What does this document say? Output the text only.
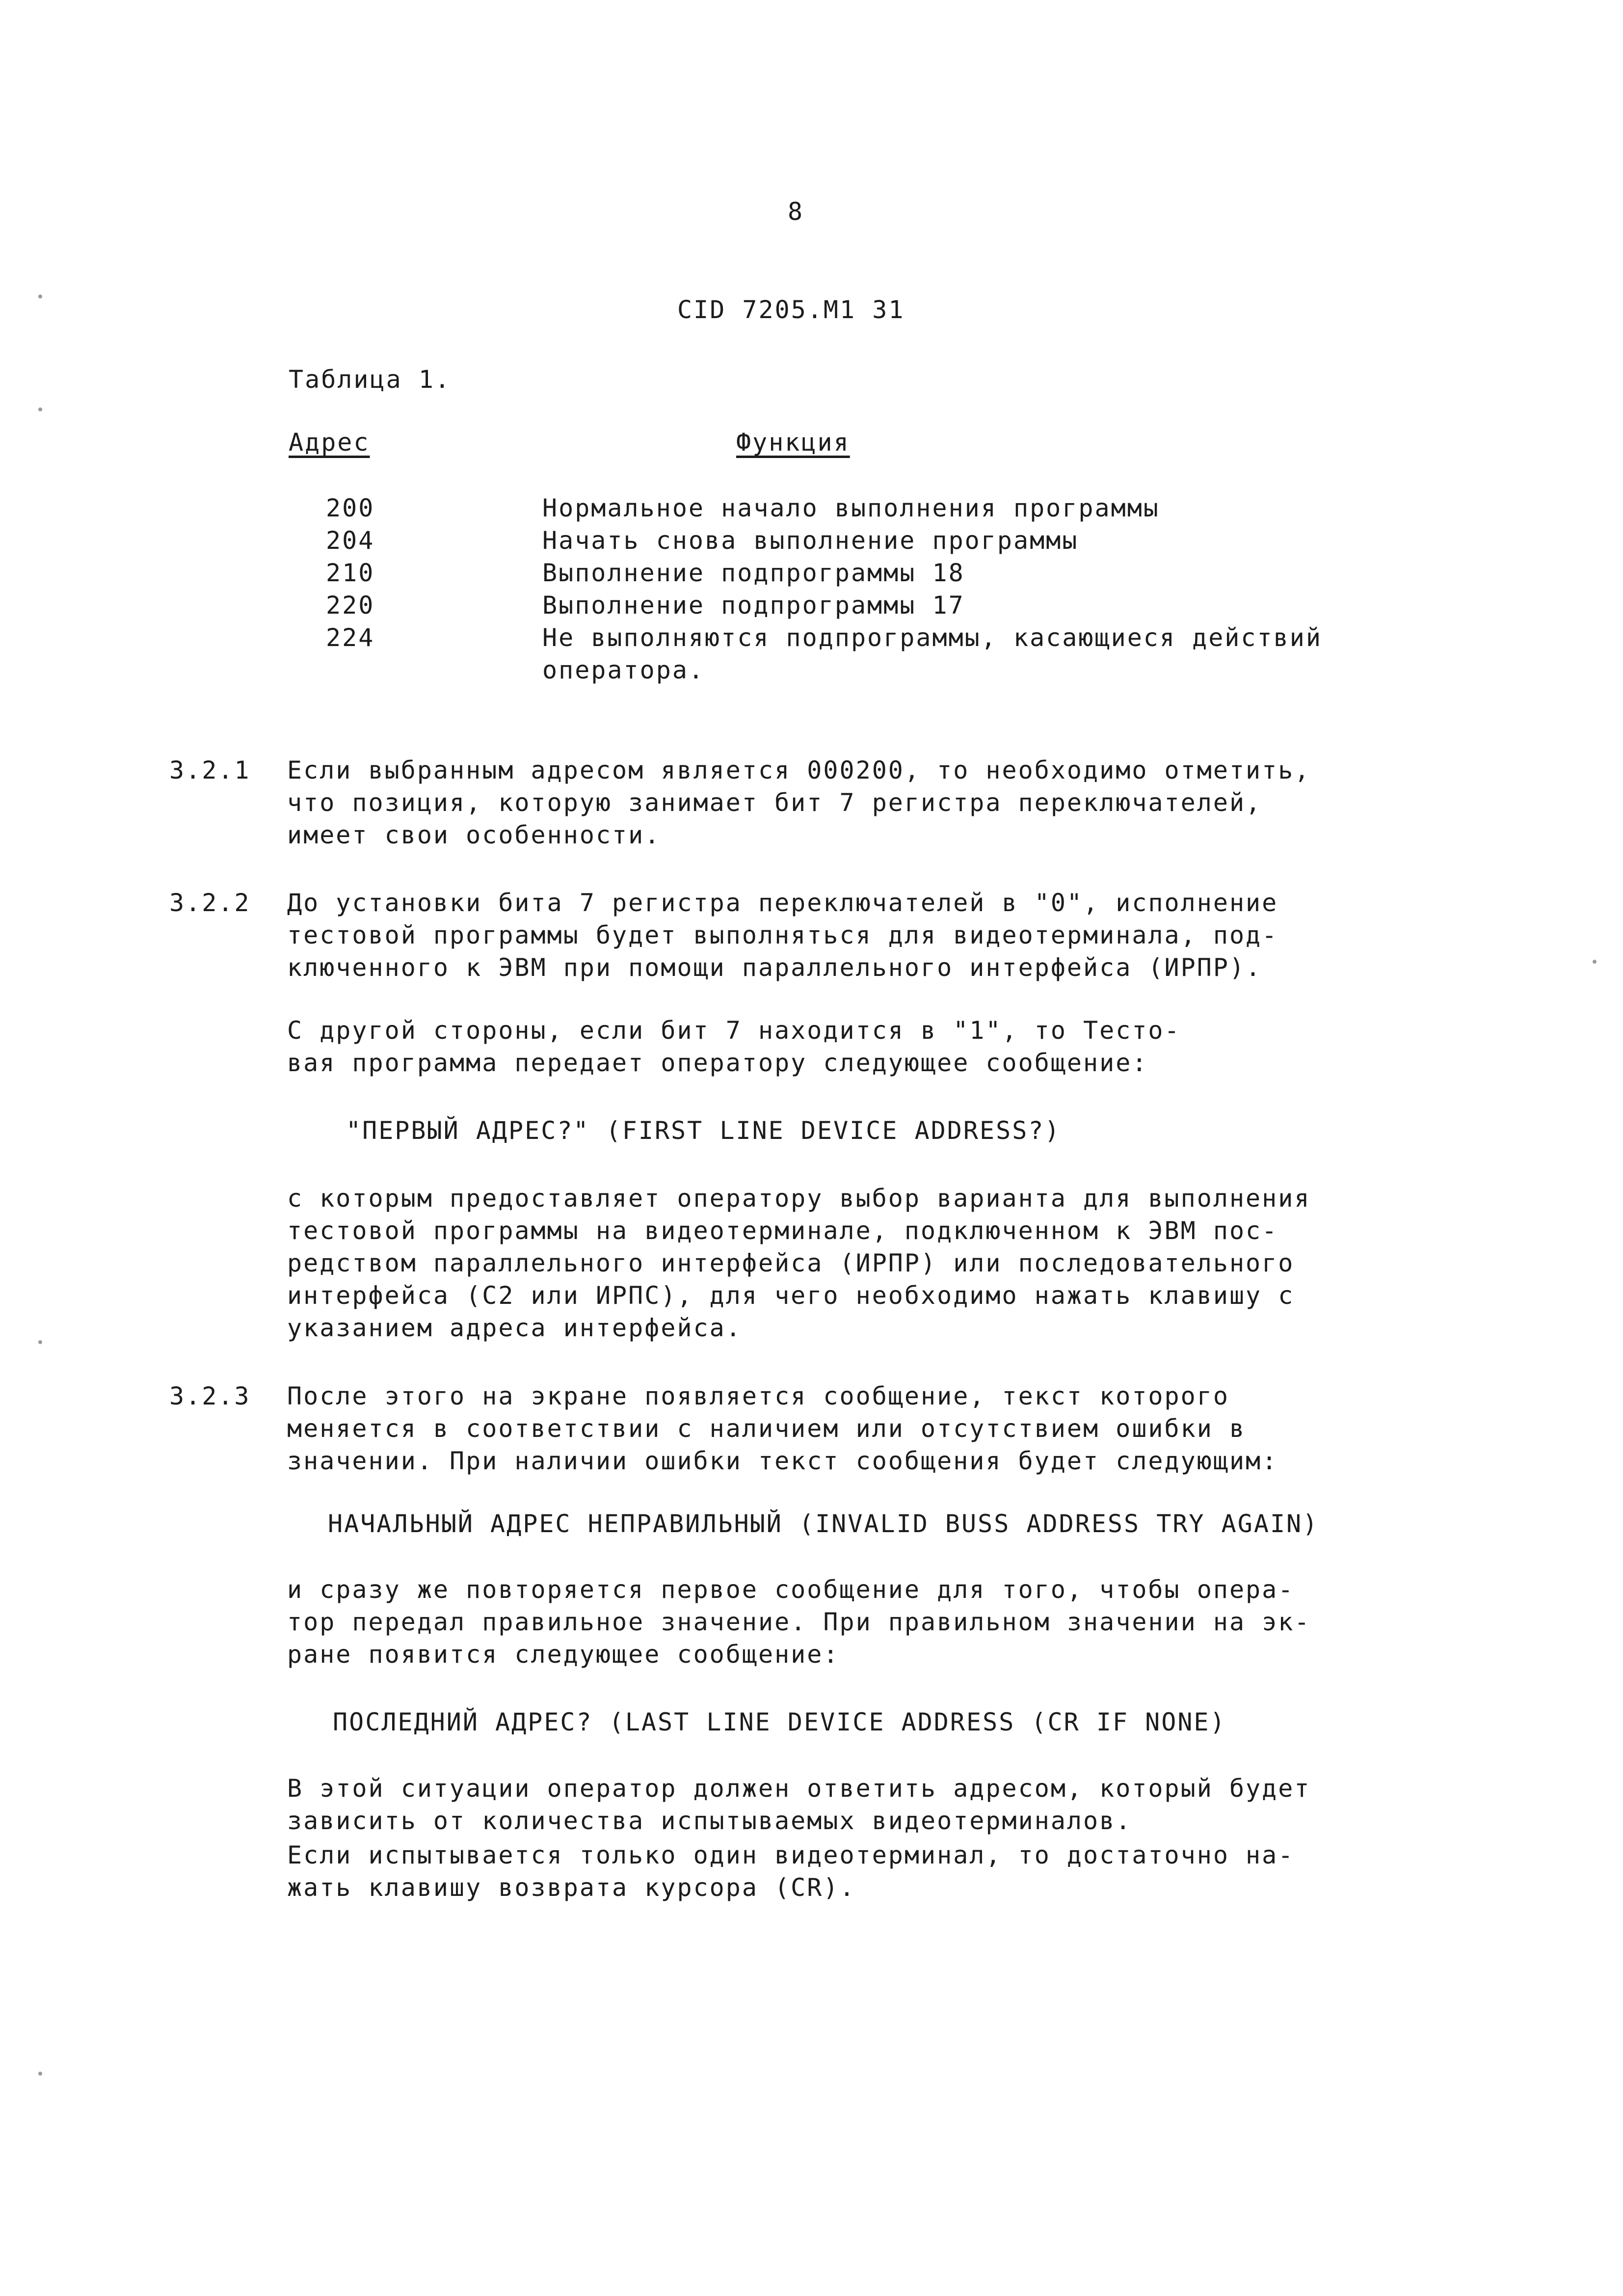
8
CID 7205.M1 31
Таблица 1.
Адрес	Функция
200	Нормальное начало выполнения программы
204	Начать снова выполнение программы
210	Выполнение подпрограммы 18
220	Выполнение подпрограммы 17
224	Не выполняются подпрограммы, касающиеся действий
оператора.
3.2.1 Если выбранным адресом является 000200, то необходимо отметить,
что позиция, которую занимает бит 7 регистра переключателей,
имеет свои особенности.
3.2.2 До установки бита 7 регистра переключателей в "0", исполнение
тестовой программы будет выполняться для видеотерминала, под-
ключенного к ЭВМ при помощи параллельного интерфейса (ИРПР).
С другой стороны, если бит 7 находится в "1", то Тесто-
вая программа передает оператору следующее сообщение:
"ПЕРВЫЙ АДРЕС?" (FIRST LINE DEVICE ADDRESS?)
с которым предоставляет оператору выбор варианта для выполнения
тестовой программы на видеотерминале, подключенном к ЭВМ пос-
редством параллельного интерфейса (ИРПР) или последовательного
интерфейса (С2 или ИРПС), для чего необходимо нажать клавишу с
указанием адреса интерфейса.
3.2.3 После этого на экране появляется сообщение, текст которого
меняется в соответствии с наличием или отсутствием ошибки в
значении. При наличии ошибки текст сообщения будет следующим:
НАЧАЛЬНЫЙ АДРЕС НЕПРАВИЛЬНЫЙ (INVALID BUSS ADDRESS TRY AGAIN)
и сразу же повторяется первое сообщение для того, чтобы опера-
тор передал правильное значение. При правильном значении на эк-
ране появится следующее сообщение:
ПОСЛЕДНИЙ АДРЕС? (LAST LINE DEVICE ADDRESS (CR IF NONE)
В этой ситуации оператор должен ответить адресом, который будет
зависить от количества испытываемых видеотерминалов.
Если испытывается только один видеотерминал, то достаточно на-
жать клавишу возврата курсора (CR).
